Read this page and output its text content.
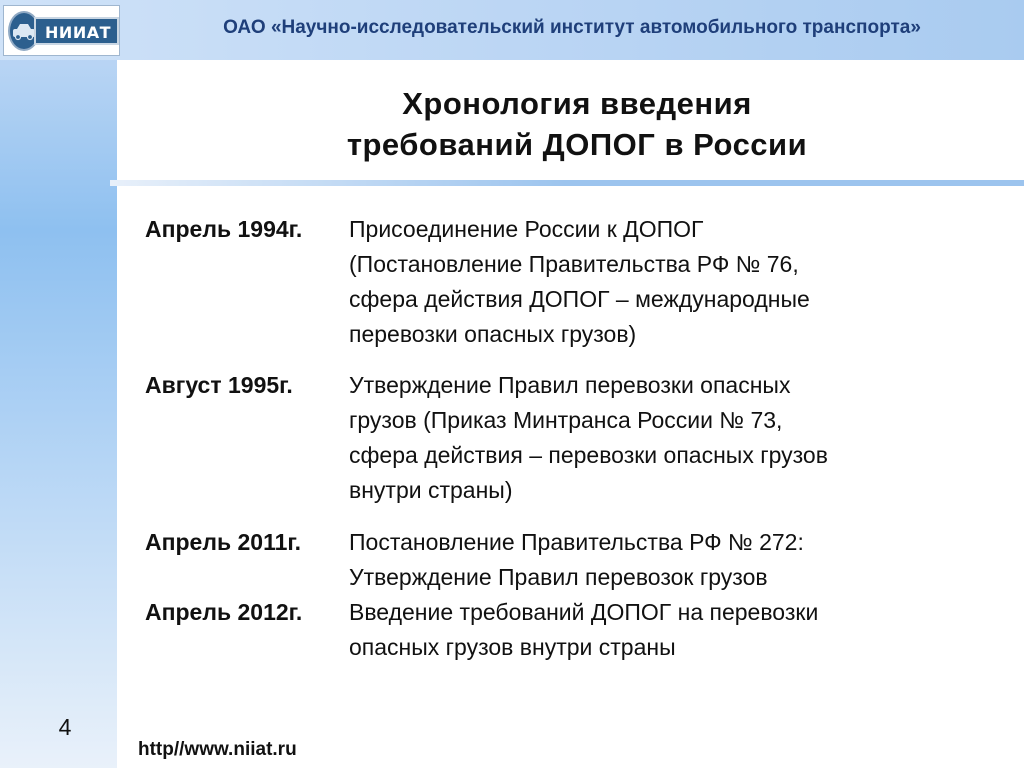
НИИАТ	ОАО «Научно-исследовательский институт автомобильного транспорта»
Хронология введения
требований ДОПОГ в России
Апрель 1994г.	Присоединение России к ДОПОГ
(Постановление Правительства РФ № 76,
сфера действия ДОПОГ – международные
перевозки опасных грузов)
Август 1995г.	Утверждение Правил перевозки опасных
грузов (Приказ Минтранса России № 73,
сфера действия – перевозки опасных грузов
внутри страны)
Апрель 2011г.	Постановление Правительства РФ № 272:
Утверждение Правил перевозок грузов
Апрель 2012г.	Введение требований ДОПОГ на перевозки
опасных грузов внутри страны
4
http//www.niiat.ru
